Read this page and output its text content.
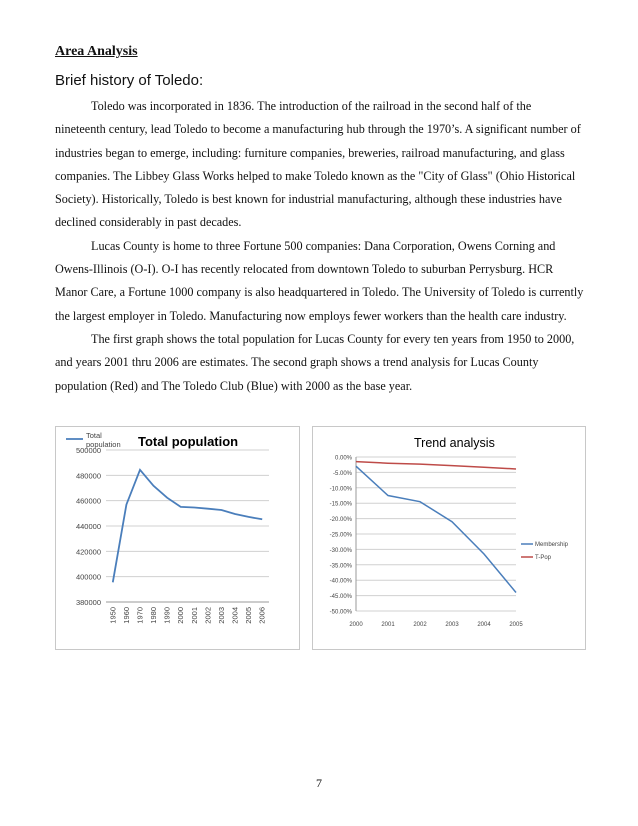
Area Analysis
Brief history of Toledo:

Toledo was incorporated in 1836. The introduction of the railroad in the second half of the nineteenth century, lead Toledo to become a manufacturing hub through the 1970’s. A significant number of industries began to emerge, including: furniture companies, breweries, railroad manufacturing, and glass companies. The Libbey Glass Works helped to make Toledo known as the "City of Glass" (Ohio Historical Society). Historically, Toledo is best known for industrial manufacturing, although these industries have declined considerably in past decades.

Lucas County is home to three Fortune 500 companies: Dana Corporation, Owens Corning and Owens-Illinois (O-I). O-I has recently relocated from downtown Toledo to suburban Perrysburg. HCR Manor Care, a Fortune 1000 company is also headquartered in Toledo. The University of Toledo is currently the largest employer in Toledo. Manufacturing now employs fewer workers than the health care industry.

The first graph shows the total population for Lucas County for every ten years from 1950 to 2000, and years 2001 thru 2006 are estimates. The second graph shows a trend analysis for Lucas County population (Red) and The Toledo Club (Blue) with 2000 as the base year.

380000
400000
420000
440000
460000
480000
500000
1950 1960 1970 1980 1990 2000 2001 2002 2003 2004 2005 2006
Total population Total population
0.00%
-5.00%
-10.00%
-15.00%
-20.00%
-25.00%
-30.00%
-35.00%
-40.00%
-45.00%
-50.00%
2000	2001	2002	2003	2004	2005
Membership
T-Pop
Trend analysis
7
